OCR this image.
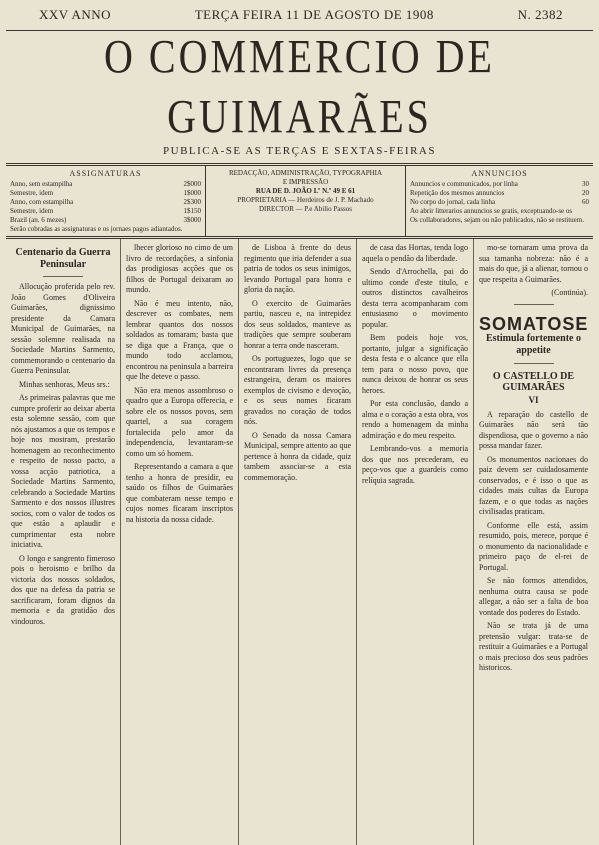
XXV ANNO	TERÇA FEIRA 11 DE AGOSTO DE 1908	N. 2382
O COMMERCIO DE GUIMARÃES
PUBLICA-SE AS TERÇAS E SEXTAS-FEIRAS
ASSIGNATURAS
Anno, sem estampilha	2$000
Semestre, idem	1$000
Anno, com estampilha	2$300
Semestre, idem	1$150
Brazil (an. 6 mezes)	3$000
Serão cobradas as assignaturas e os jornaes pagos adiantados.
REDACÇÃO, ADMINISTRAÇÃO, TYPOGRAPHIA
E IMPRESSÃO
RUA DE D. JOÃO I.º N.º 49 E 61
PROPRIETARIA — Herdeiros de J. P. Machado
DIRECTOR — P.e Abilio Passos
ANNUNCIOS
Annuncios e communicados, por linha	30
Repetição dos mesmos annuncios	20
No corpo do jornal, cada linha	60
Ao abrir litterarios annuncios se gratis, exceptuando-se os
Os collaboradores, sejam ou não publicados, não se restituem.
Centenario da Guerra Peninsular

Allocução proferida pelo rev. João Gomes d'Oliveira Guimarães, dignissimo presidente da Camara Municipal de Guimarães, na sessão solemne realisada na Sociedade Martins Sarmento, commemorando o centenario da Guerra Peninsular.

Minhas senhoras, Meus srs.:

As primeiras palavras que me cumpre proferir ao deixar aberta esta solemne sessão, com que nós ajustamos a que os tempos e hoje nos mostram, prestarão homenagem ao reconhecimento e respeito de nosso pacto, a vossa acção patriotica, a Sociedade Martins Sarmento, celebrando a Sociedade Martins Sarmento e dos nossos illustres socios, com o valor de todos os que estão a aplaudir e cumprimentar esta nobre iniciativa.

O longo e sangrento fimeroso pois o heroismo e brilho da victoria dos nossos soldados, dos que na defesa da patria se sacrificaram, foram dignos da memoria e da gratidão dos vindouros.

lhecer glorioso no cimo de um livro de recordações, a sinfonia das prodigiosas acções que os filhos de Portugal deixaram ao mundo.

Não é meu intento, não, descrever os combates, nem lembrar quantos dos nossos soldados as tomaram; basta que se diga que a França, que o mundo todo acclamou, encontrou na peninsula a barreira que lhe deteve o passo.

Não era menos assombroso o quadro que a Europa offerecia, e sobre ele os nossos povos, sem quartel, a sua coragem fortalecida pelo amor da independencia, levantaram-se como um só homem.

Representando a camara a que tenho a honra de presidir, eu saúdo os filhos de Guimarães que combateram nesse tempo e cujos nomes ficaram inscriptos na historia da nossa cidade.

de Lisboa à frente do deus regimento que iria defender a sua patria de todos os seus inimigos, levando Portugal para honra e gloria da nação.

O exercito de Guimarães partiu, nasceu e, na intrepidez dos seus soldados, manteve as tradições que sempre souberam honrar a terra onde nasceram.

Os portuguezes, logo que se encontraram livres da presença estrangeira, deram os maiores exemplos de civismo e devoção, e os seus nomes ficaram gravados no coração de todos nós.

O Senado da nossa Camara Municipal, sempre attento ao que pertence à honra da cidade, quiz tambem associar-se a esta commemoração.

de casa das Hortas, tenda logo aquela o pendão da liberdade.

Sendo d'Arrochella, pai do ultimo conde d'este titulo, e outros distinctos cavalheiros desta terra acompanharam com entusiasmo o movimento popular.

Bem podeis hoje vos, portanto, julgar a significação desta festa e o alcance que ella tem para o nosso povo, que nunca deixou de honrar os seus heroes.

Por esta conclusão, dando a alma e o coração a esta obra, vos rendo a homenagem da minha admiração e do meu respeito.

Lembrando-vos a memoria dos que nos precederam, eu peço-vos que a guardeis como relíquia sagrada.

mo-se tornaram uma prova da sua tamanha nobreza: não é a mais do que, já a alienar, tornou o que respeita a Guimarães.

(Continúa).
SOMATOSE
Estimula fortemente o appetite
O CASTELLO DE GUIMARÃES
VI

A reparação do castello de Guimarães não será tão dispendiosa, que o governo a não possa mandar fazer.

Os monumentos nacionaes do paiz devem ser cuidadosamente conservados, e é isso o que as cidades mais cultas da Europa fazem, e o que todas as nações civilisadas praticam.

Conforme elle está, assim resumido, pois, merece, porque é o monumento da nacionalidade e primeiro paço de el-rei de Portugal.

Se não formos attendidos, nenhuma outra causa se pode allegar, a não ser a falta de boa vontade dos poderes do Estado.

Não se trata já de uma pretensão vulgar: trata-se de restituir a Guimarães e a Portugal o mais precioso dos seus padrões historicos.
